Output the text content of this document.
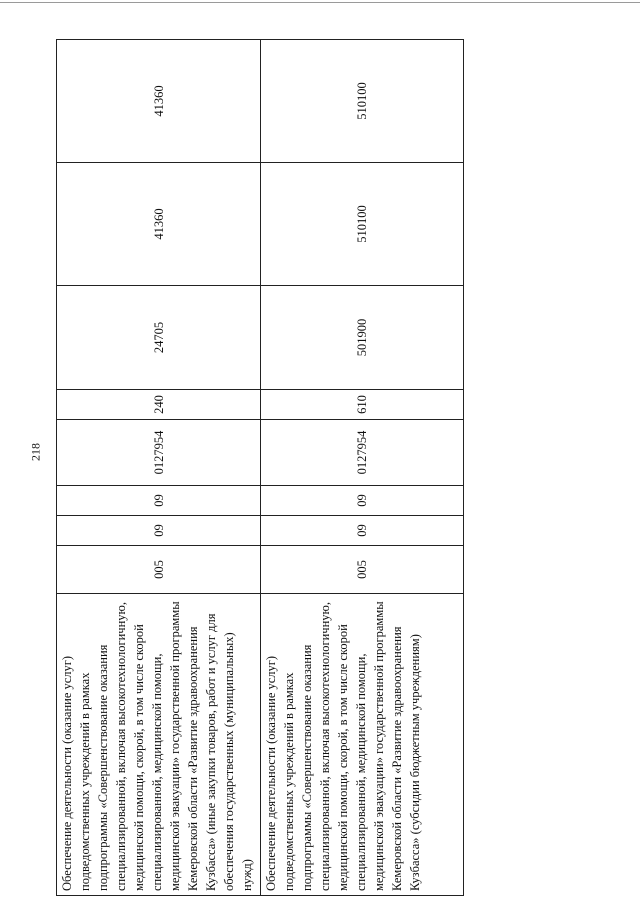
218
Обеспечение деятельности (оказание услуг) подведомственных учреждений в рамках подпрограммы «Совершенствование оказания специализированной, включая высокотехнологичную, медицинской помощи, скорой, в том числе скорой специализированной, медицинской помощи, медицинской эвакуации» государственной программы Кемеровской области «Развитие здравоохранения Кузбасса» (иные закупки товаров, работ и услуг для обеспечения государственных (муниципальных) нужд)	005	09	09	0127954	240	24705	41360	41360
Обеспечение деятельности (оказание услуг) подведомственных учреждений в рамках подпрограммы «Совершенствование оказания специализированной, включая высокотехнологичную, медицинской помощи, скорой, в том числе скорой специализированной, медицинской помощи, медицинской эвакуации» государственной программы Кемеровской области «Развитие здравоохранения Кузбасса» (субсидии бюджетным учреждениям)	005	09	09	0127954	610	501900	510100	510100
